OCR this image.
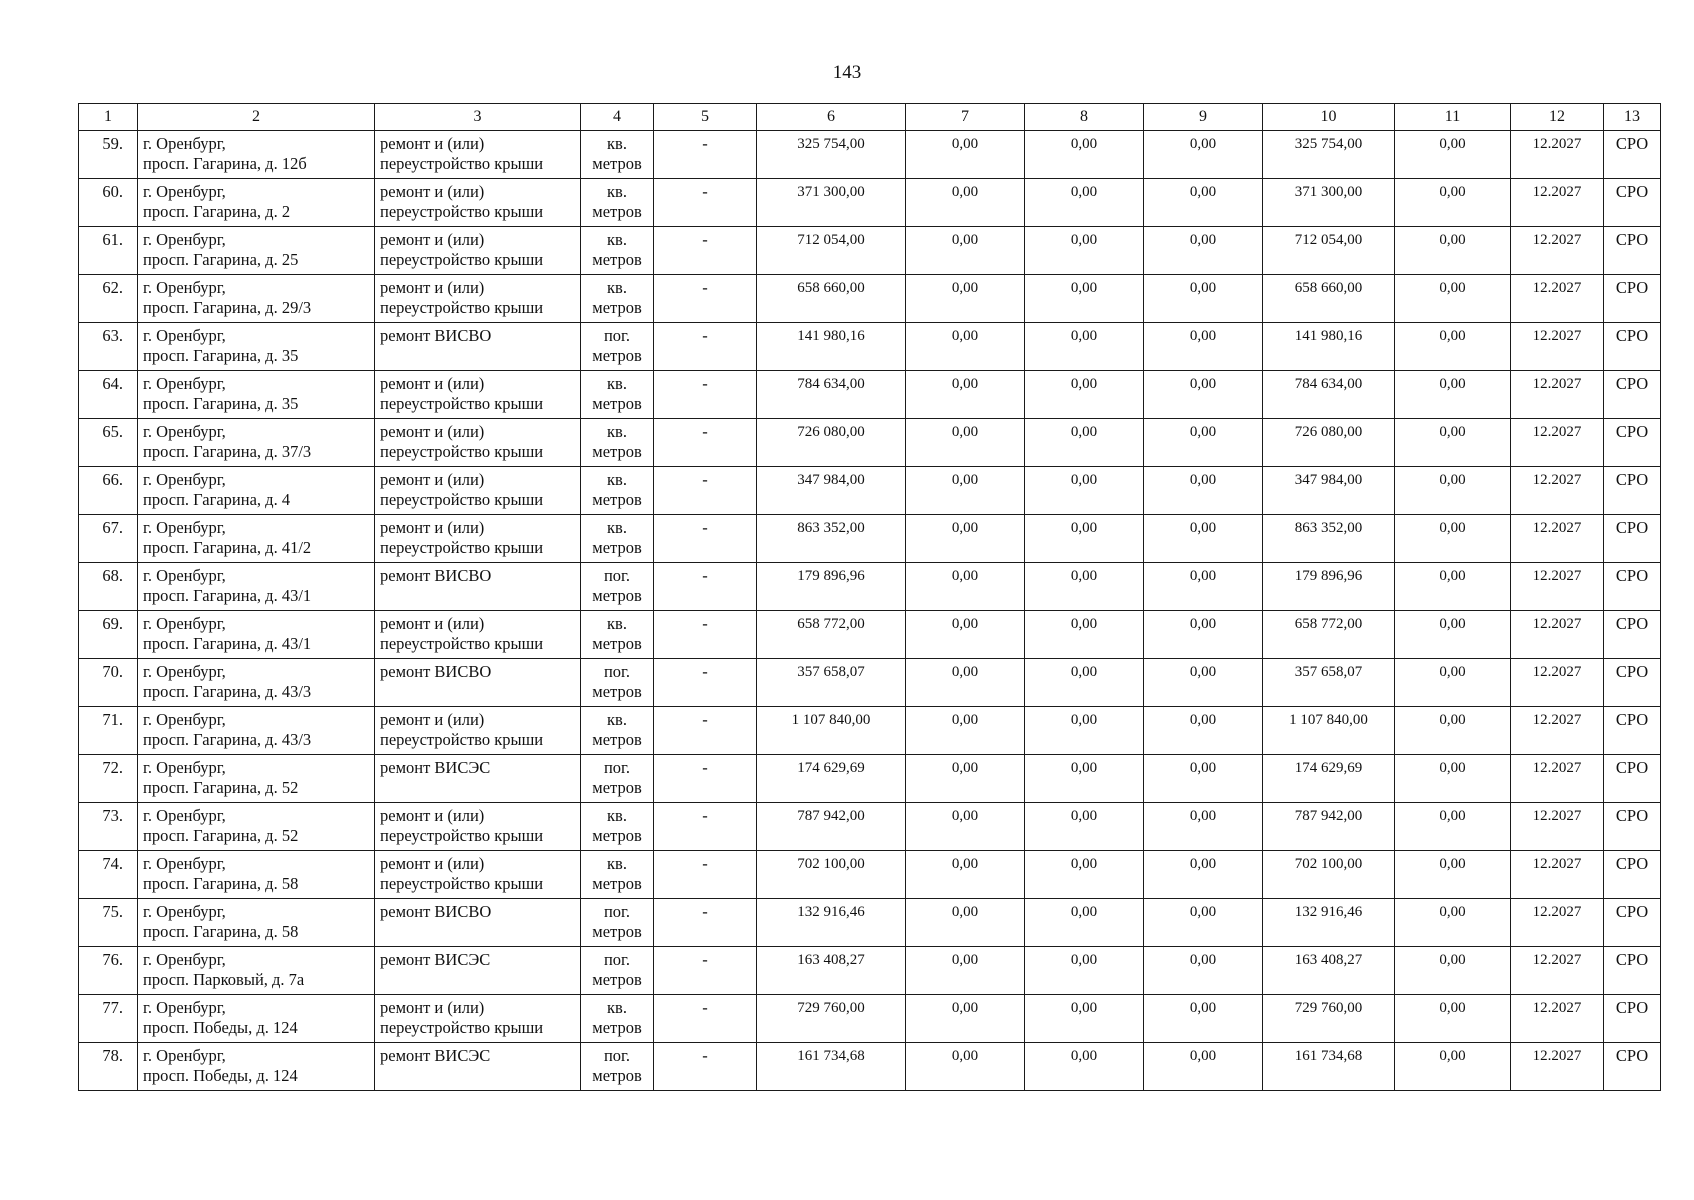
143
1	2	3	4	5	6	7	8	9	10	11	12	13
59.	г. Оренбург,
просп. Гагарина, д. 12б	ремонт и (или)
переустройство крыши	кв.
метров	-	325 754,00	0,00	0,00	0,00	325 754,00	0,00	12.2027	СРО
60.	г. Оренбург,
просп. Гагарина, д. 2	ремонт и (или)
переустройство крыши	кв.
метров	-	371 300,00	0,00	0,00	0,00	371 300,00	0,00	12.2027	СРО
61.	г. Оренбург,
просп. Гагарина, д. 25	ремонт и (или)
переустройство крыши	кв.
метров	-	712 054,00	0,00	0,00	0,00	712 054,00	0,00	12.2027	СРО
62.	г. Оренбург,
просп. Гагарина, д. 29/3	ремонт и (или)
переустройство крыши	кв.
метров	-	658 660,00	0,00	0,00	0,00	658 660,00	0,00	12.2027	СРО
63.	г. Оренбург,
просп. Гагарина, д. 35	ремонт ВИСВО	пог.
метров	-	141 980,16	0,00	0,00	0,00	141 980,16	0,00	12.2027	СРО
64.	г. Оренбург,
просп. Гагарина, д. 35	ремонт и (или)
переустройство крыши	кв.
метров	-	784 634,00	0,00	0,00	0,00	784 634,00	0,00	12.2027	СРО
65.	г. Оренбург,
просп. Гагарина, д. 37/3	ремонт и (или)
переустройство крыши	кв.
метров	-	726 080,00	0,00	0,00	0,00	726 080,00	0,00	12.2027	СРО
66.	г. Оренбург,
просп. Гагарина, д. 4	ремонт и (или)
переустройство крыши	кв.
метров	-	347 984,00	0,00	0,00	0,00	347 984,00	0,00	12.2027	СРО
67.	г. Оренбург,
просп. Гагарина, д. 41/2	ремонт и (или)
переустройство крыши	кв.
метров	-	863 352,00	0,00	0,00	0,00	863 352,00	0,00	12.2027	СРО
68.	г. Оренбург,
просп. Гагарина, д. 43/1	ремонт ВИСВО	пог.
метров	-	179 896,96	0,00	0,00	0,00	179 896,96	0,00	12.2027	СРО
69.	г. Оренбург,
просп. Гагарина, д. 43/1	ремонт и (или)
переустройство крыши	кв.
метров	-	658 772,00	0,00	0,00	0,00	658 772,00	0,00	12.2027	СРО
70.	г. Оренбург,
просп. Гагарина, д. 43/3	ремонт ВИСВО	пог.
метров	-	357 658,07	0,00	0,00	0,00	357 658,07	0,00	12.2027	СРО
71.	г. Оренбург,
просп. Гагарина, д. 43/3	ремонт и (или)
переустройство крыши	кв.
метров	-	1 107 840,00	0,00	0,00	0,00	1 107 840,00	0,00	12.2027	СРО
72.	г. Оренбург,
просп. Гагарина, д. 52	ремонт ВИСЭС	пог.
метров	-	174 629,69	0,00	0,00	0,00	174 629,69	0,00	12.2027	СРО
73.	г. Оренбург,
просп. Гагарина, д. 52	ремонт и (или)
переустройство крыши	кв.
метров	-	787 942,00	0,00	0,00	0,00	787 942,00	0,00	12.2027	СРО
74.	г. Оренбург,
просп. Гагарина, д. 58	ремонт и (или)
переустройство крыши	кв.
метров	-	702 100,00	0,00	0,00	0,00	702 100,00	0,00	12.2027	СРО
75.	г. Оренбург,
просп. Гагарина, д. 58	ремонт ВИСВО	пог.
метров	-	132 916,46	0,00	0,00	0,00	132 916,46	0,00	12.2027	СРО
76.	г. Оренбург,
просп. Парковый, д. 7а	ремонт ВИСЭС	пог.
метров	-	163 408,27	0,00	0,00	0,00	163 408,27	0,00	12.2027	СРО
77.	г. Оренбург,
просп. Победы, д. 124	ремонт и (или)
переустройство крыши	кв.
метров	-	729 760,00	0,00	0,00	0,00	729 760,00	0,00	12.2027	СРО
78.	г. Оренбург,
просп. Победы, д. 124	ремонт ВИСЭС	пог.
метров	-	161 734,68	0,00	0,00	0,00	161 734,68	0,00	12.2027	СРО
